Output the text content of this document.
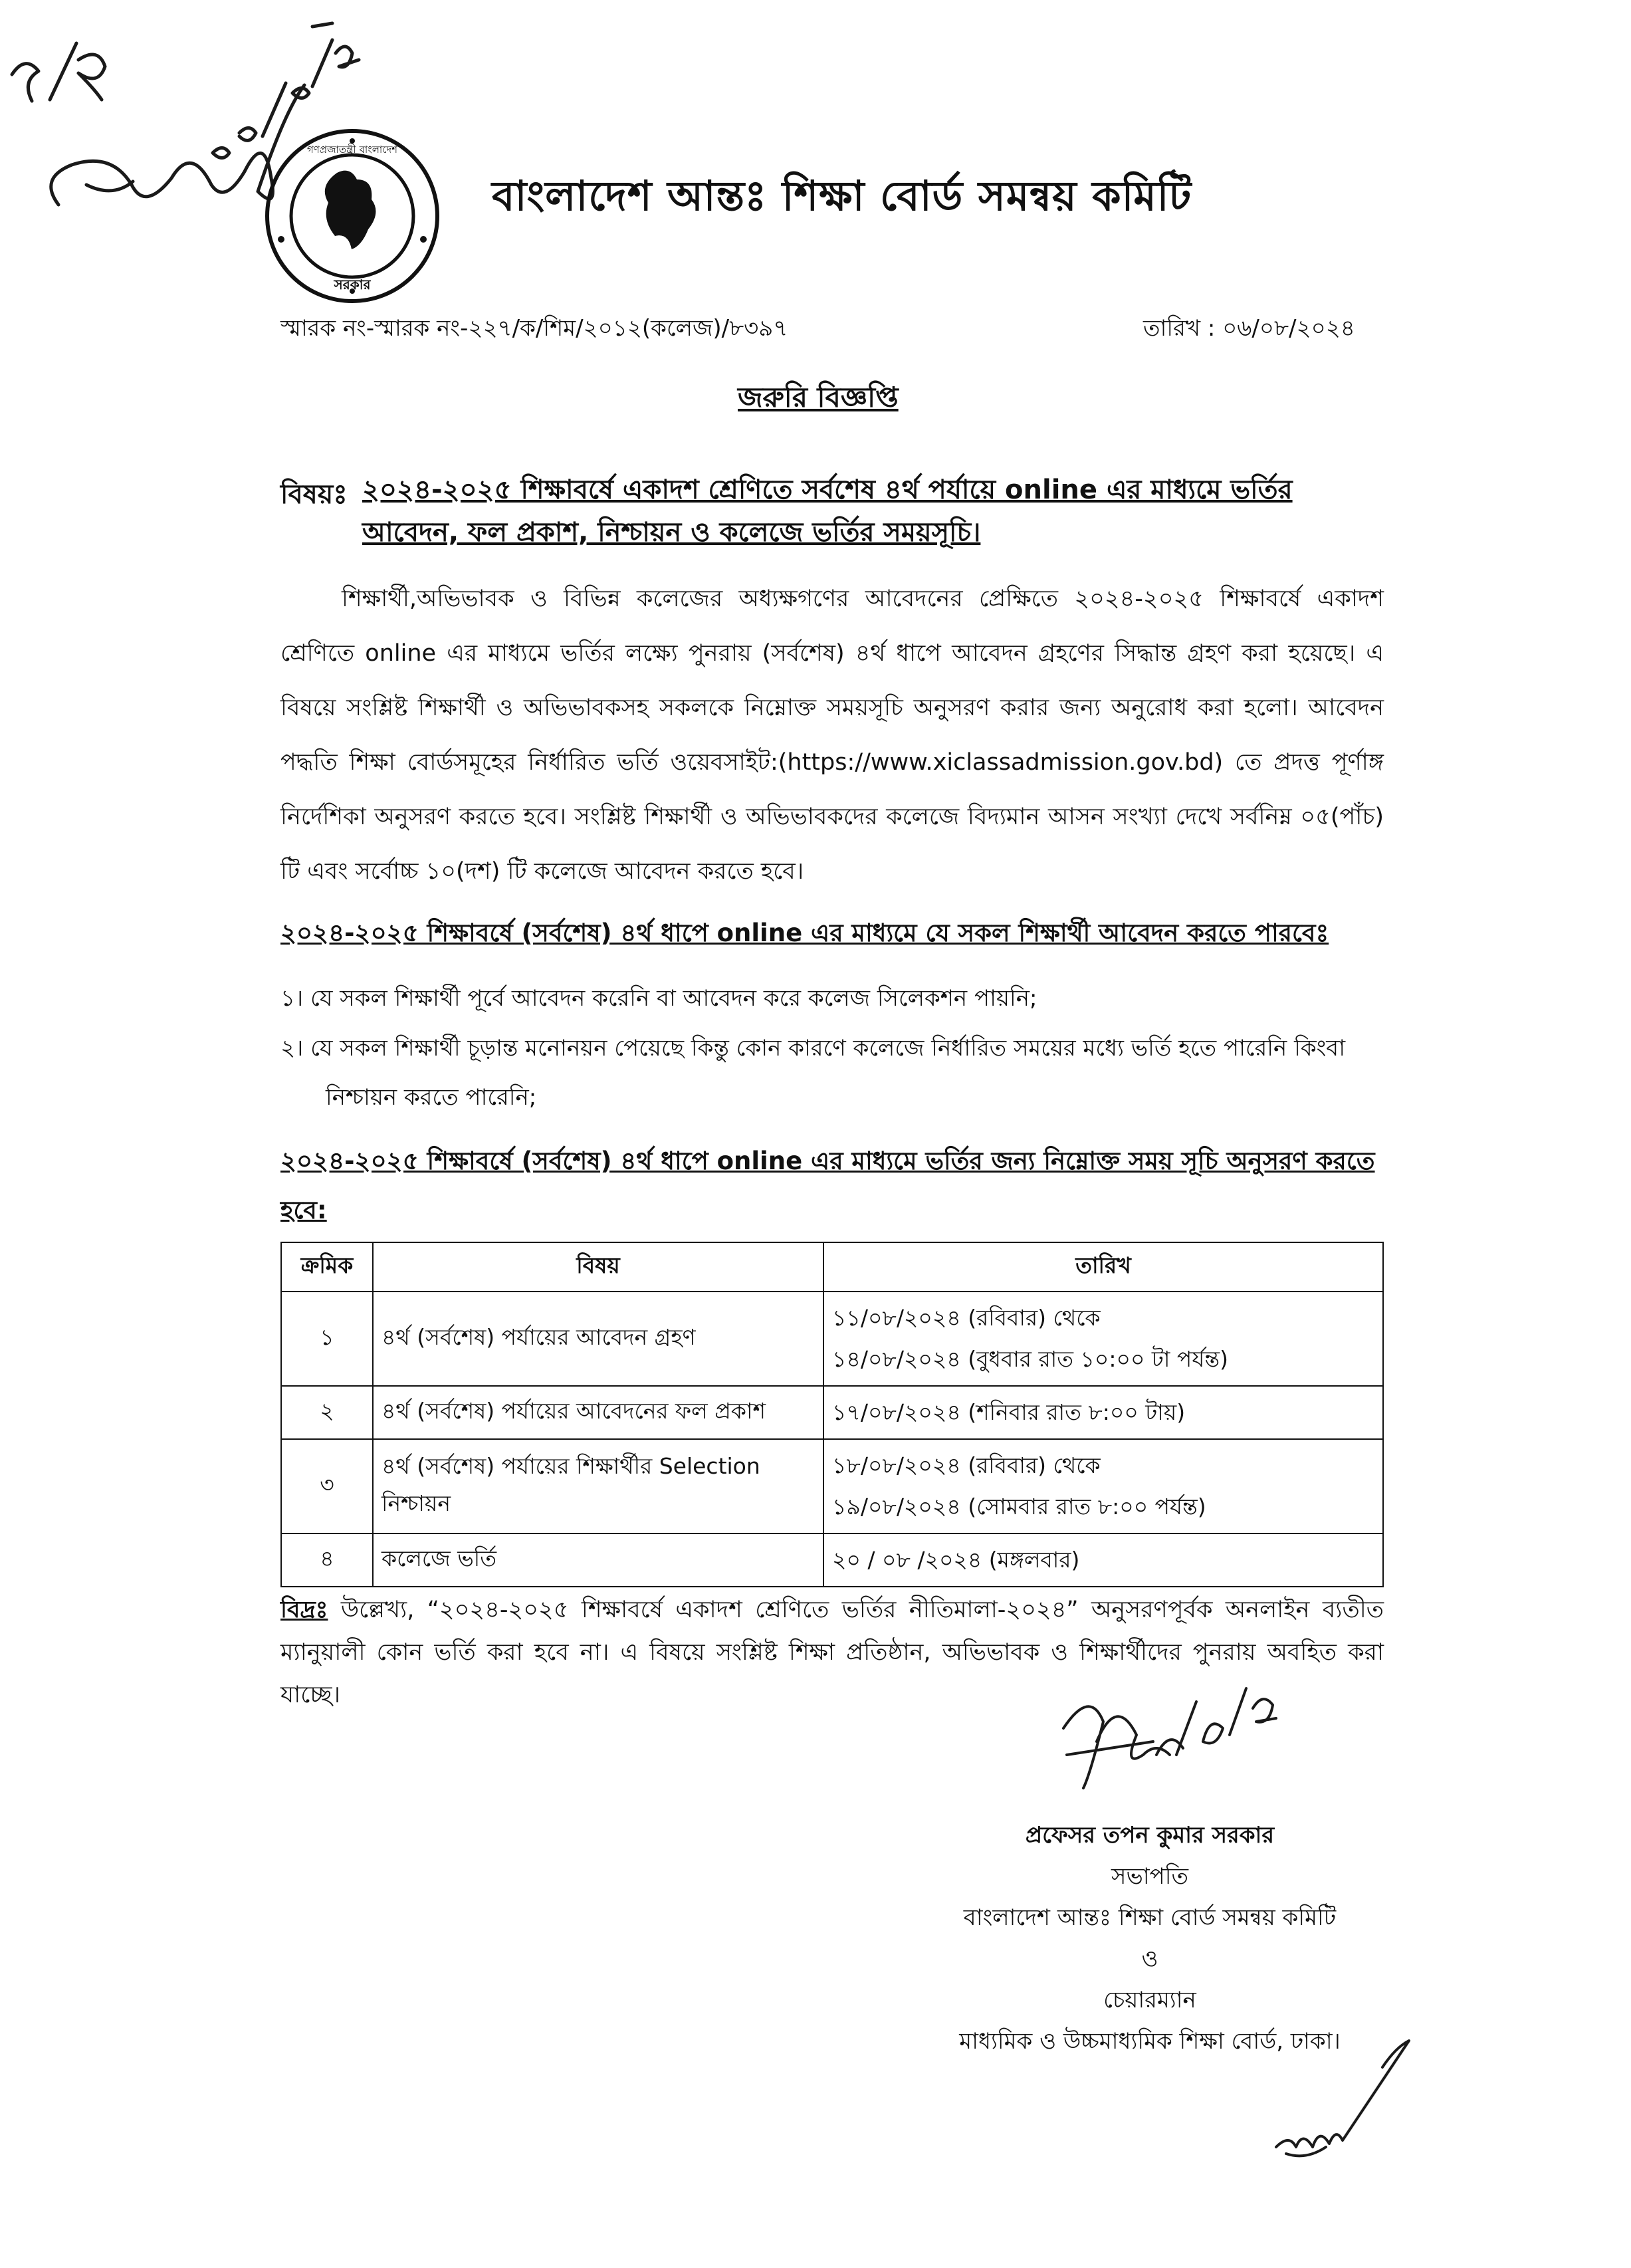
গণপ্রজাতন্ত্রী বাংলাদেশ
সরকার
বাংলাদেশ আন্তঃ শিক্ষা বোর্ড সমন্বয় কমিটি
স্মারক নং-স্মারক নং-২২৭/ক/শিম/২০১২(কলেজ)/৮৩৯৭	তারিখ : ০৬/০৮/২০২৪
জরুরি বিজ্ঞপ্তি
বিষয়ঃ ২০২৪-২০২৫ শিক্ষাবর্ষে একাদশ শ্রেণিতে সর্বশেষ ৪র্থ পর্যায়ে online এর মাধ্যমে ভর্তির আবেদন, ফল প্রকাশ, নিশ্চায়ন ও কলেজে ভর্তির সময়সূচি।
শিক্ষার্থী,অভিভাবক ও বিভিন্ন কলেজের অধ্যক্ষগণের আবেদনের প্রেক্ষিতে ২০২৪-২০২৫ শিক্ষাবর্ষে একাদশ শ্রেণিতে online এর মাধ্যমে ভর্তির লক্ষ্যে পুনরায় (সর্বশেষ) ৪র্থ ধাপে আবেদন গ্রহণের সিদ্ধান্ত গ্রহণ করা হয়েছে। এ বিষয়ে সংশ্লিষ্ট শিক্ষার্থী ও অভিভাবকসহ সকলকে নিম্নোক্ত সময়সূচি অনুসরণ করার জন্য অনুরোধ করা হলো। আবেদন পদ্ধতি শিক্ষা বোর্ডসমূহের নির্ধারিত ভর্তি ওয়েবসাইট:(https://www.xiclassadmission.gov.bd) তে প্রদত্ত পূর্ণাঙ্গ নির্দেশিকা অনুসরণ করতে হবে। সংশ্লিষ্ট শিক্ষার্থী ও অভিভাবকদের কলেজে বিদ্যমান আসন সংখ্যা দেখে সর্বনিম্ন ০৫(পাঁচ) টি এবং সর্বোচ্চ ১০(দশ) টি কলেজে আবেদন করতে হবে।
২০২৪-২০২৫ শিক্ষাবর্ষে (সর্বশেষ) ৪র্থ ধাপে online এর মাধ্যমে যে সকল শিক্ষার্থী আবেদন করতে পারবেঃ
১। যে সকল শিক্ষার্থী পূর্বে আবেদন করেনি বা আবেদন করে কলেজ সিলেকশন পায়নি;
২। যে সকল শিক্ষার্থী চূড়ান্ত মনোনয়ন পেয়েছে কিন্তু কোন কারণে কলেজে নির্ধারিত সময়ের মধ্যে ভর্তি হতে পারেনি কিংবা নিশ্চায়ন করতে পারেনি;
২০২৪-২০২৫ শিক্ষাবর্ষে (সর্বশেষ) ৪র্থ ধাপে online এর মাধ্যমে ভর্তির জন্য নিম্নোক্ত সময় সূচি অনুসরণ করতে হবে:
ক্রমিক	বিষয়	তারিখ
১	৪র্থ (সর্বশেষ) পর্যায়ের আবেদন গ্রহণ	১১/০৮/২০২৪ (রবিবার) থেকে
১৪/০৮/২০২৪ (বুধবার রাত ১০:০০ টা পর্যন্ত)

২	৪র্থ (সর্বশেষ) পর্যায়ের আবেদনের ফল প্রকাশ	১৭/০৮/২০২৪ (শনিবার রাত ৮:০০ টায়)

৩	৪র্থ (সর্বশেষ) পর্যায়ের শিক্ষার্থীর Selection নিশ্চায়ন	১৮/০৮/২০২৪ (রবিবার) থেকে
১৯/০৮/২০২৪ (সোমবার রাত ৮:০০ পর্যন্ত)

৪	কলেজে ভর্তি	২০ / ০৮ /২০২৪ (মঙ্গলবার)
বিদ্রঃ উল্লেখ্য, “২০২৪-২০২৫ শিক্ষাবর্ষে একাদশ শ্রেণিতে ভর্তির নীতিমালা-২০২৪” অনুসরণপূর্বক অনলাইন ব্যতীত ম্যানুয়ালী কোন ভর্তি করা হবে না। এ বিষয়ে সংশ্লিষ্ট শিক্ষা প্রতিষ্ঠান, অভিভাবক ও শিক্ষার্থীদের পুনরায় অবহিত করা যাচ্ছে।
প্রফেসর তপন কুমার সরকার
সভাপতি
বাংলাদেশ আন্তঃ শিক্ষা বোর্ড সমন্বয় কমিটি
ও
চেয়ারম্যান
মাধ্যমিক ও উচ্চমাধ্যমিক শিক্ষা বোর্ড, ঢাকা।
